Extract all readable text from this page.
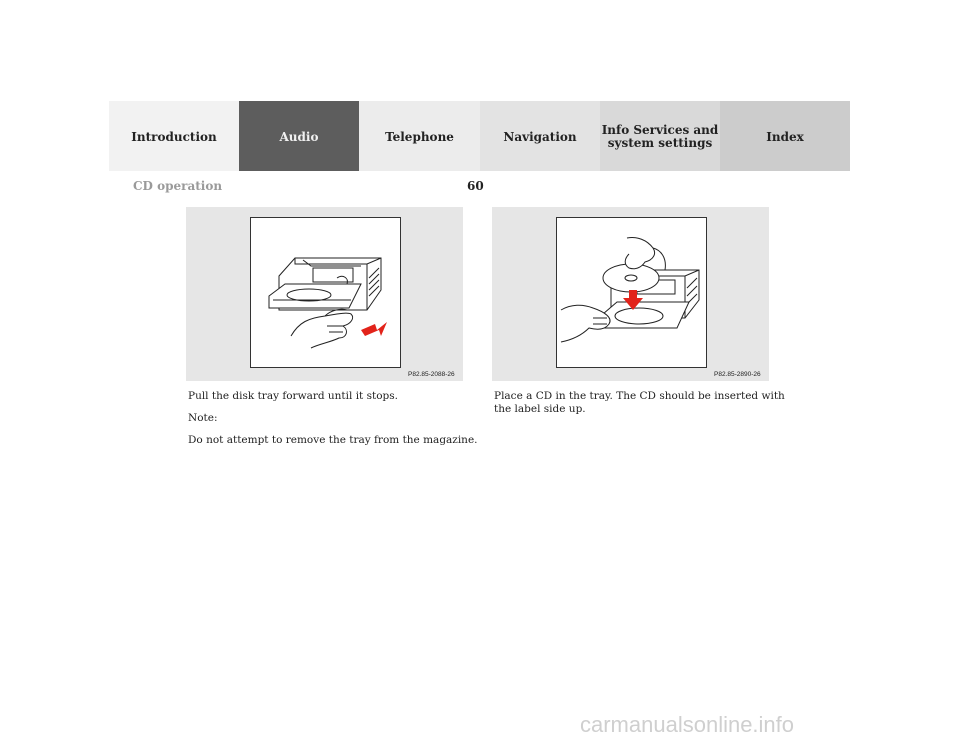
Introduction	Audio	Telephone	Navigation Info Services and
system settings	Index
CD operation	60
P82.85-2088-26	P82.85-2890-26

Pull the disk tray forward until it stops.

Note:

Do not attempt to remove the tray from the magazine.

Place a CD in the tray. The CD should be inserted with

the label side up.

carmanualsonline.info
